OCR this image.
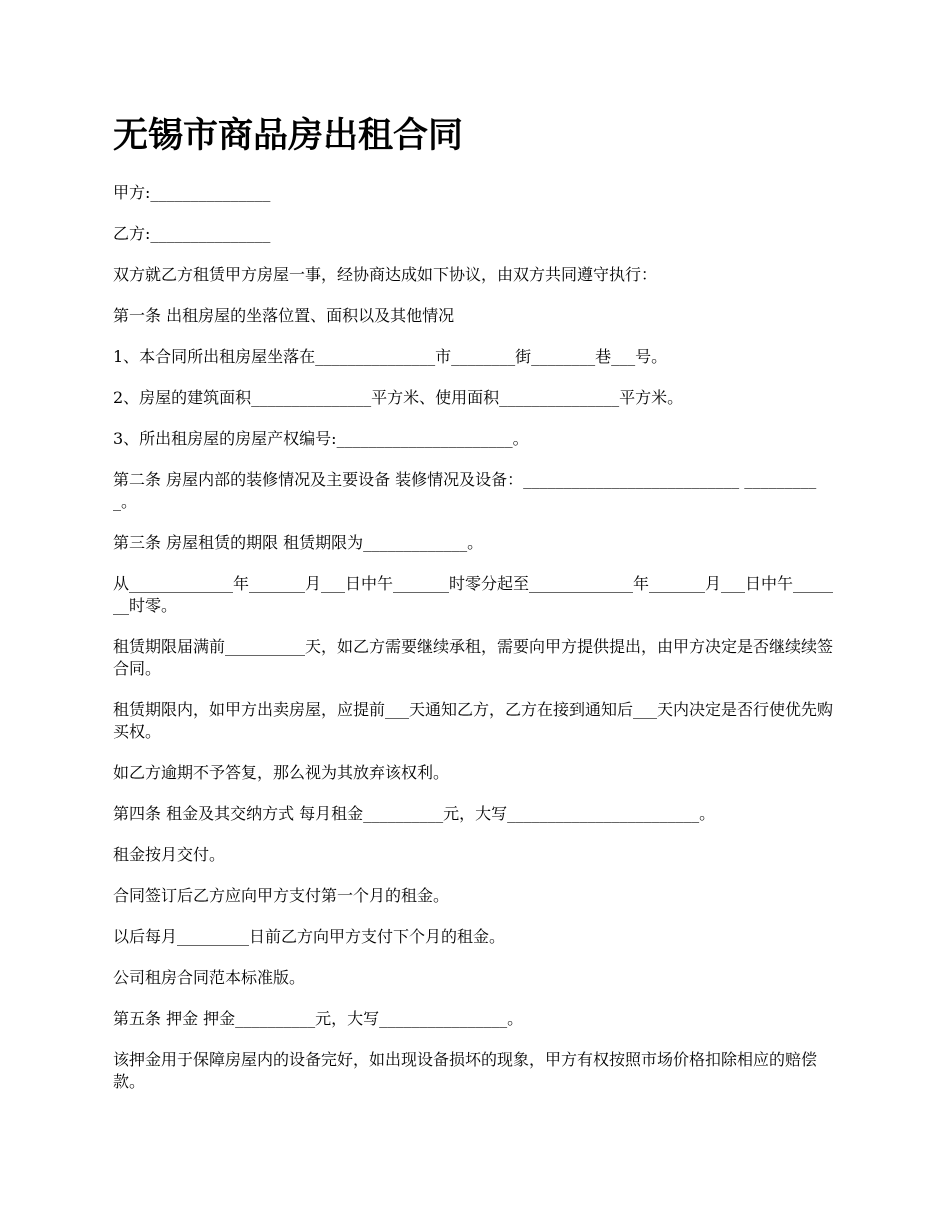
无锡市商品房出租合同

甲方:_______________

乙方:_______________

双方就乙方租赁甲方房屋一事，经协商达成如下协议，由双方共同遵守执行：

第一条 出租房屋的坐落位置、面积以及其他情况

1、本合同所出租房屋坐落在_______________市________街________巷___号。

2、房屋的建筑面积_______________平方米、使用面积_______________平方米。

3、所出租房屋的房屋产权编号:______________________。

第二条 房屋内部的装修情况及主要设备 装修情况及设备：___________________________ __________。

第三条 房屋租赁的期限 租赁期限为_____________。

从_____________年_______月___日中午_______时零分起至_____________年_______月___日中午_______时零。

租赁期限届满前__________天，如乙方需要继续承租，需要向甲方提供提出，由甲方决定是否继续续签合同。

租赁期限内，如甲方出卖房屋，应提前___天通知乙方，乙方在接到通知后___天内决定是否行使优先购买权。

如乙方逾期不予答复，那么视为其放弃该权利。

第四条 租金及其交纳方式 每月租金__________元，大写________________________。

租金按月交付。

合同签订后乙方应向甲方支付第一个月的租金。

以后每月_________日前乙方向甲方支付下个月的租金。

公司租房合同范本标准版。

第五条 押金 押金__________元，大写________________。

该押金用于保障房屋内的设备完好，如出现设备损坏的现象，甲方有权按照市场价格扣除相应的赔偿款。
